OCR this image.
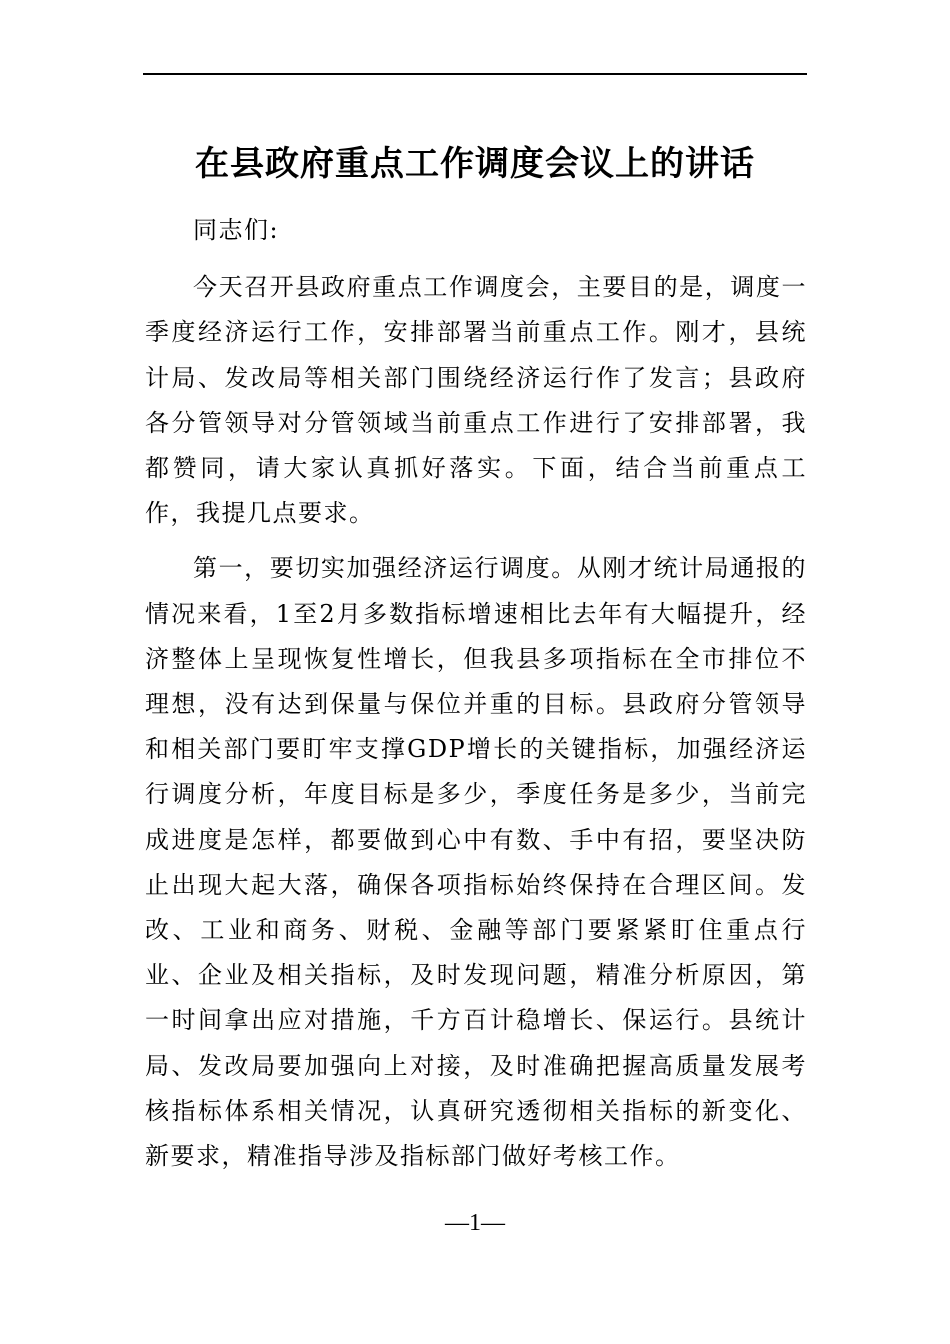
在县政府重点工作调度会议上的讲话

同志们:

今天召开县政府重点工作调度会，主要目的是，调度一季度经济运行工作，安排部署当前重点工作。刚才，县统计局、发改局等相关部门围绕经济运行作了发言；县政府各分管领导对分管领域当前重点工作进行了安排部署，我都赞同，请大家认真抓好落实。下面，结合当前重点工作，我提几点要求。

第一，要切实加强经济运行调度。从刚才统计局通报的情况来看，1至2月多数指标增速相比去年有大幅提升，经济整体上呈现恢复性增长，但我县多项指标在全市排位不理想，没有达到保量与保位并重的目标。县政府分管领导和相关部门要盯牢支撑GDP增长的关键指标，加强经济运行调度分析，年度目标是多少，季度任务是多少，当前完成进度是怎样，都要做到心中有数、手中有招，要坚决防止出现大起大落，确保各项指标始终保持在合理区间。发改、工业和商务、财税、金融等部门要紧紧盯住重点行业、企业及相关指标，及时发现问题，精准分析原因，第一时间拿出应对措施，千方百计稳增长、保运行。县统计局、发改局要加强向上对接，及时准确把握高质量发展考核指标体系相关情况，认真研究透彻相关指标的新变化、新要求，精准指导涉及指标部门做好考核工作。

—1—
